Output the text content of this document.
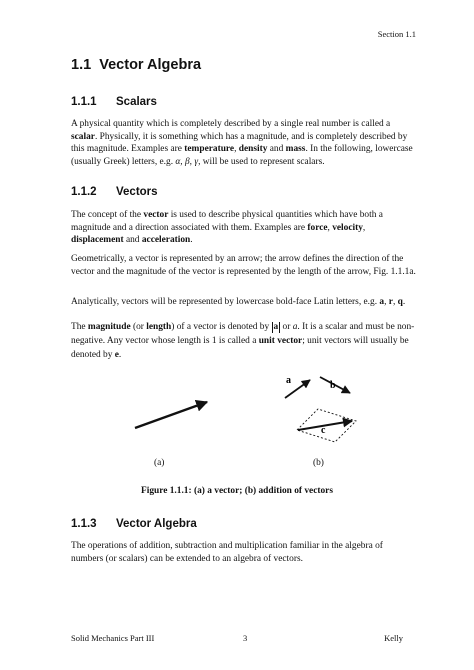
Section 1.1
1.1 Vector Algebra
1.1.1 Scalars

A physical quantity which is completely described by a single real number is called a scalar. Physically, it is something which has a magnitude, and is completely described by this magnitude. Examples are temperature, density and mass. In the following, lowercase (usually Greek) letters, e.g. α, β, γ, will be used to represent scalars.

1.1.2 Vectors

The concept of the vector is used to describe physical quantities which have both a magnitude and a direction associated with them. Examples are force, velocity, displacement and acceleration.

Geometrically, a vector is represented by an arrow; the arrow defines the direction of the vector and the magnitude of the vector is represented by the length of the arrow, Fig. 1.1.1a.

Analytically, vectors will be represented by lowercase bold-face Latin letters, e.g. a, r, q.

The magnitude (or length) of a vector is denoted by a or a. It is a scalar and must be non-negative. Any vector whose length is 1 is called a unit vector; unit vectors will usually be denoted by e.

a	b
c
(a)	(b)
Figure 1.1.1: (a) a vector; (b) addition of vectors
1.1.3 Vector Algebra

The operations of addition, subtraction and multiplication familiar in the algebra of numbers (or scalars) can be extended to an algebra of vectors.

Solid Mechanics Part III	3	Kelly
